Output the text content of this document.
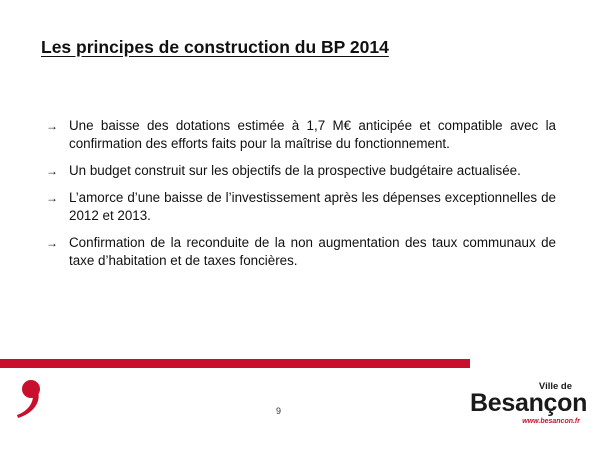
Les principes de construction du BP 2014
→ Une baisse des dotations estimée à 1,7 M€ anticipée et compatible avec la confirmation des efforts faits pour la maîtrise du fonctionnement.
→ Un budget construit sur les objectifs de la prospective budgétaire actualisée.
→ L’amorce d’une baisse de l’investissement après les dépenses exceptionnelles de 2012 et 2013.
→ Confirmation de la reconduite de la non augmentation des taux communaux de taxe d’habitation et de taxes foncières.
9
Ville de
Besançon
www.besancon.fr
